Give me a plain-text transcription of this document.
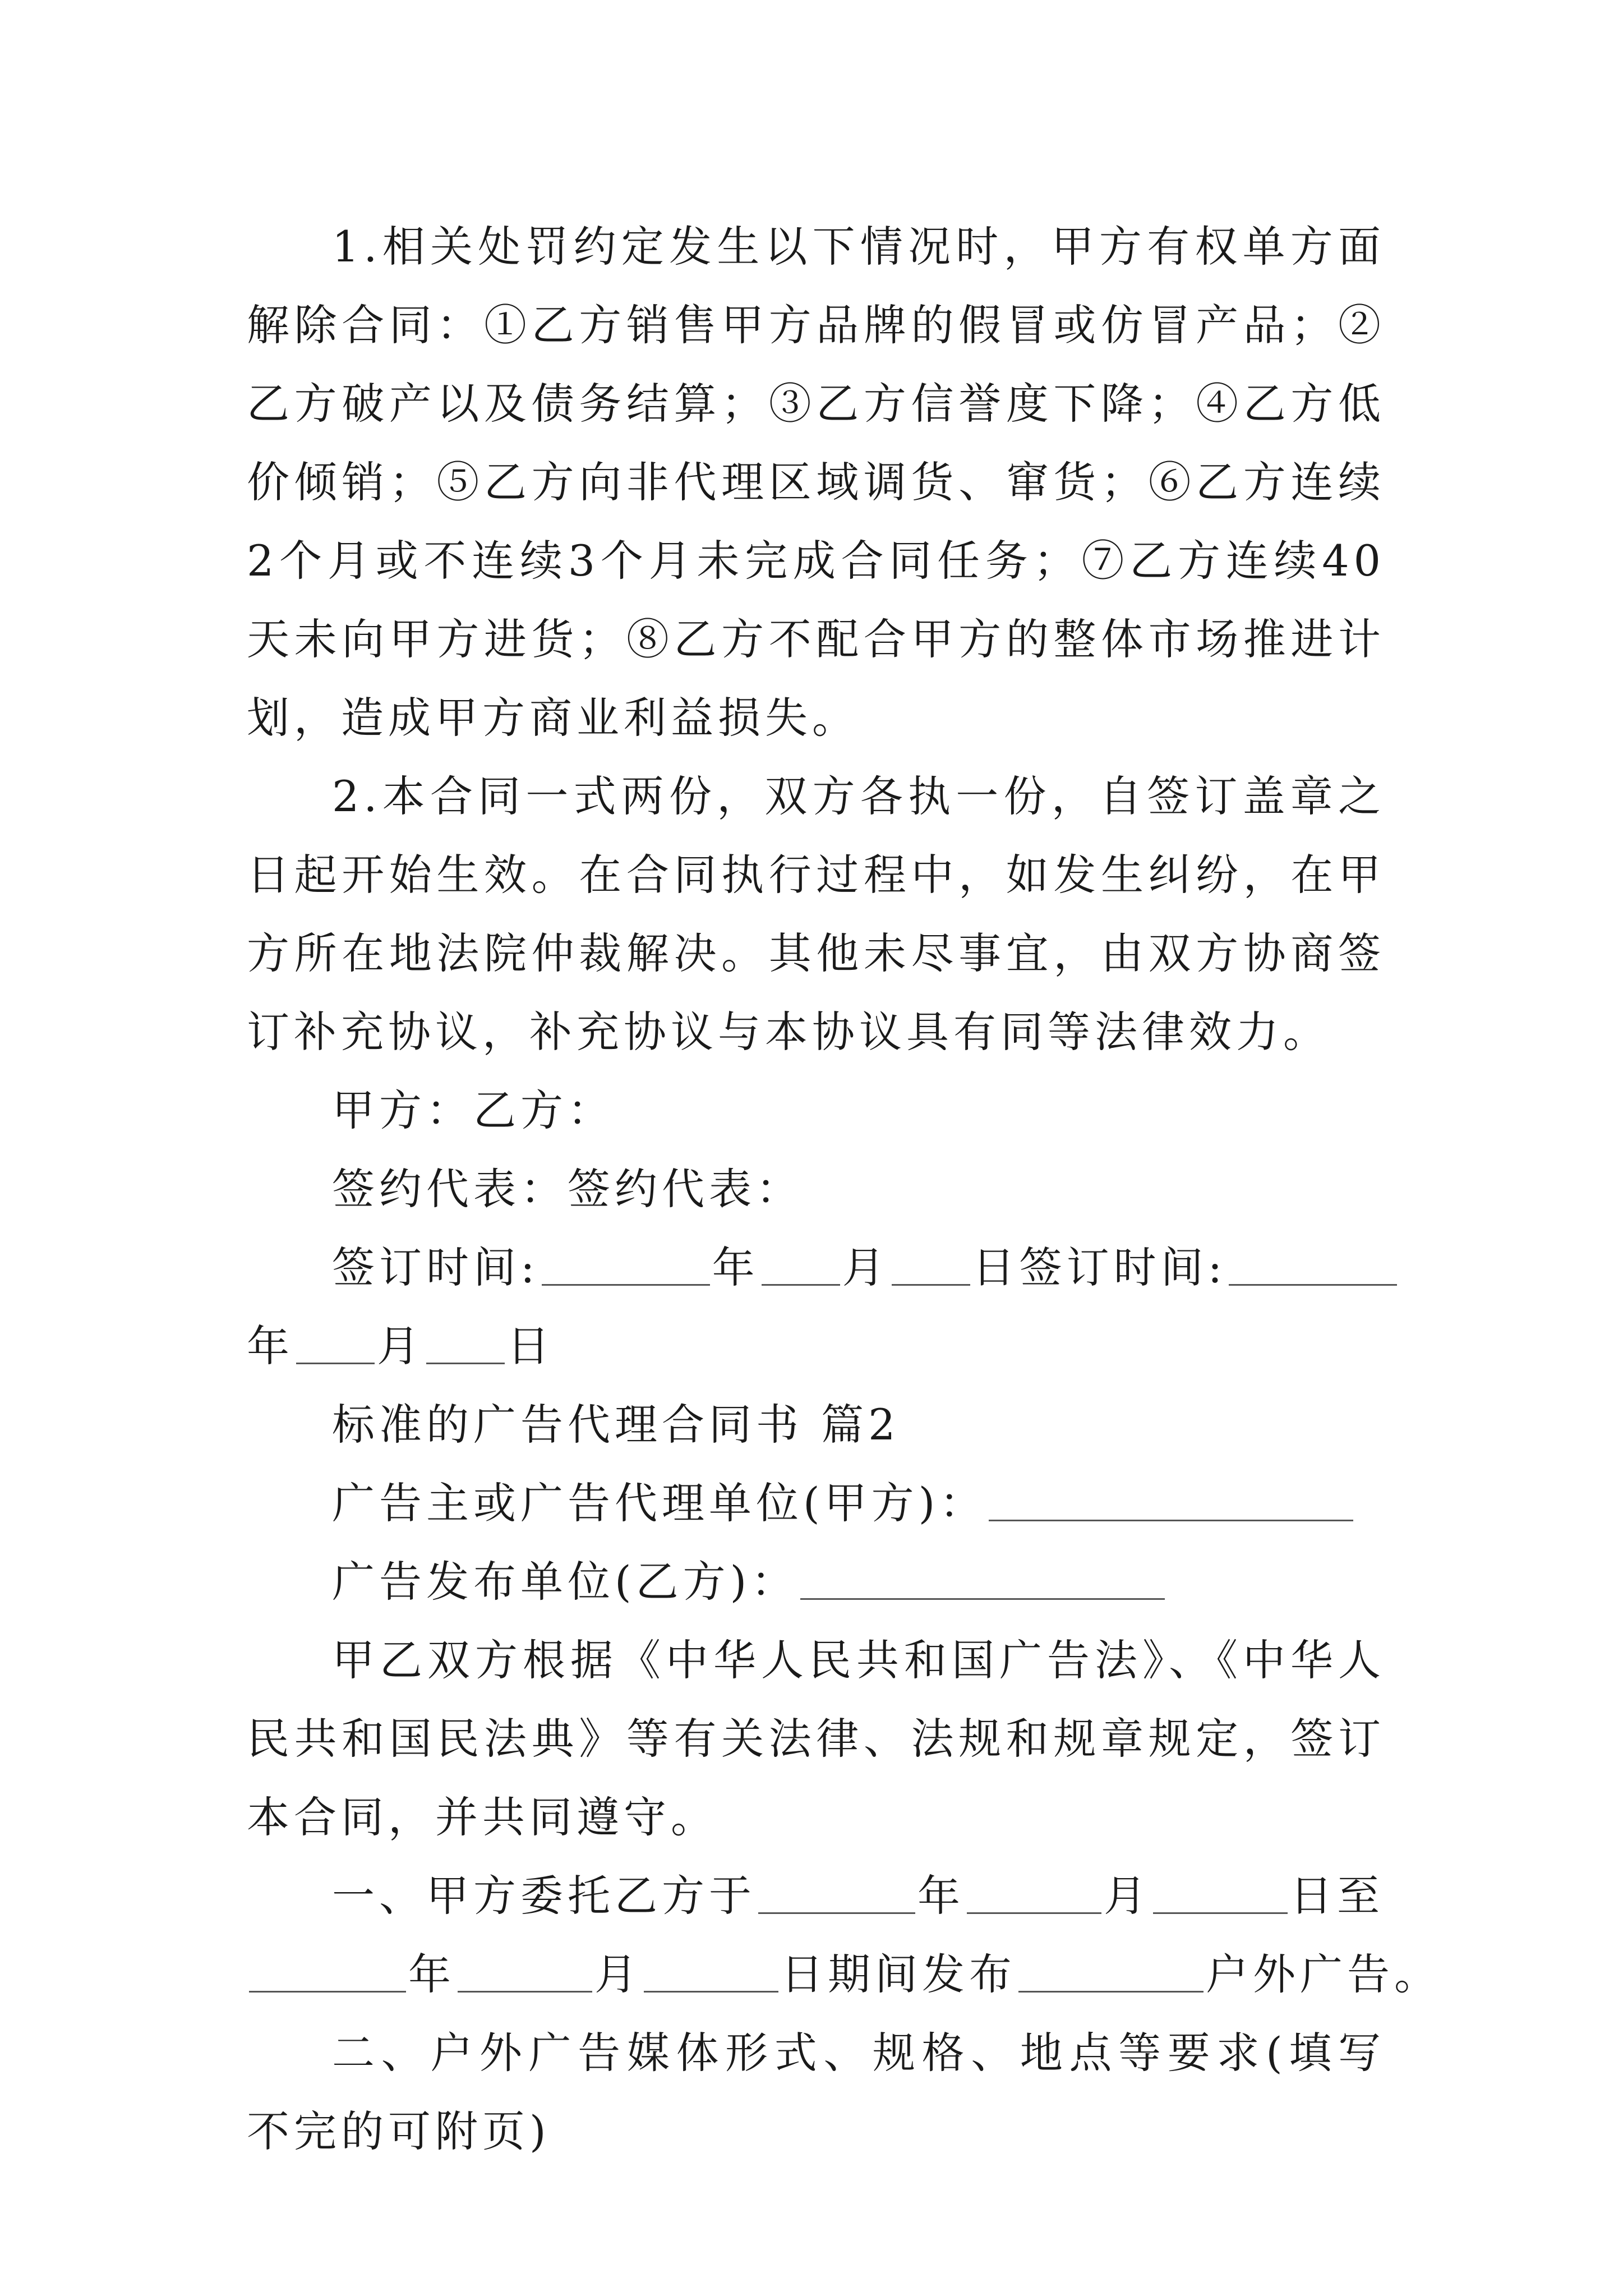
1.相关处罚约定发生以下情况时，甲方有权单方面解除合同：①乙方销售甲方品牌的假冒或仿冒产品；②乙方破产以及债务结算；③乙方信誉度下降；④乙方低价倾销；⑤乙方向非代理区域调货、窜货；⑥乙方连续2个月或不连续3个月未完成合同任务；⑦乙方连续40天未向甲方进货；⑧乙方不配合甲方的整体市场推进计划，造成甲方商业利益损失。

2.本合同一式两份，双方各执一份，自签订盖章之日起开始生效。在合同执行过程中，如发生纠纷，在甲方所在地法院仲裁解决。其他未尽事宜，由双方协商签订补充协议，补充协议与本协议具有同等法律效力。

甲方：乙方：

签约代表：签约代表：

签订时间:	年 月 日签订时间:

年 月 日

标准的广告代理合同书 篇2

广告主或广告代理单位(甲方)：

广告发布单位(乙方)：

甲乙双方根据《中华人民共和国广告法》、《中华人民共和国民法典》等有关法律、法规和规章规定，签订本合同，并共同遵守。

一、甲方委托乙方于	年	月	日至

年	月	日期间发布	户外广告。

二、户外广告媒体形式、规格、地点等要求(填写不完的可附页)
